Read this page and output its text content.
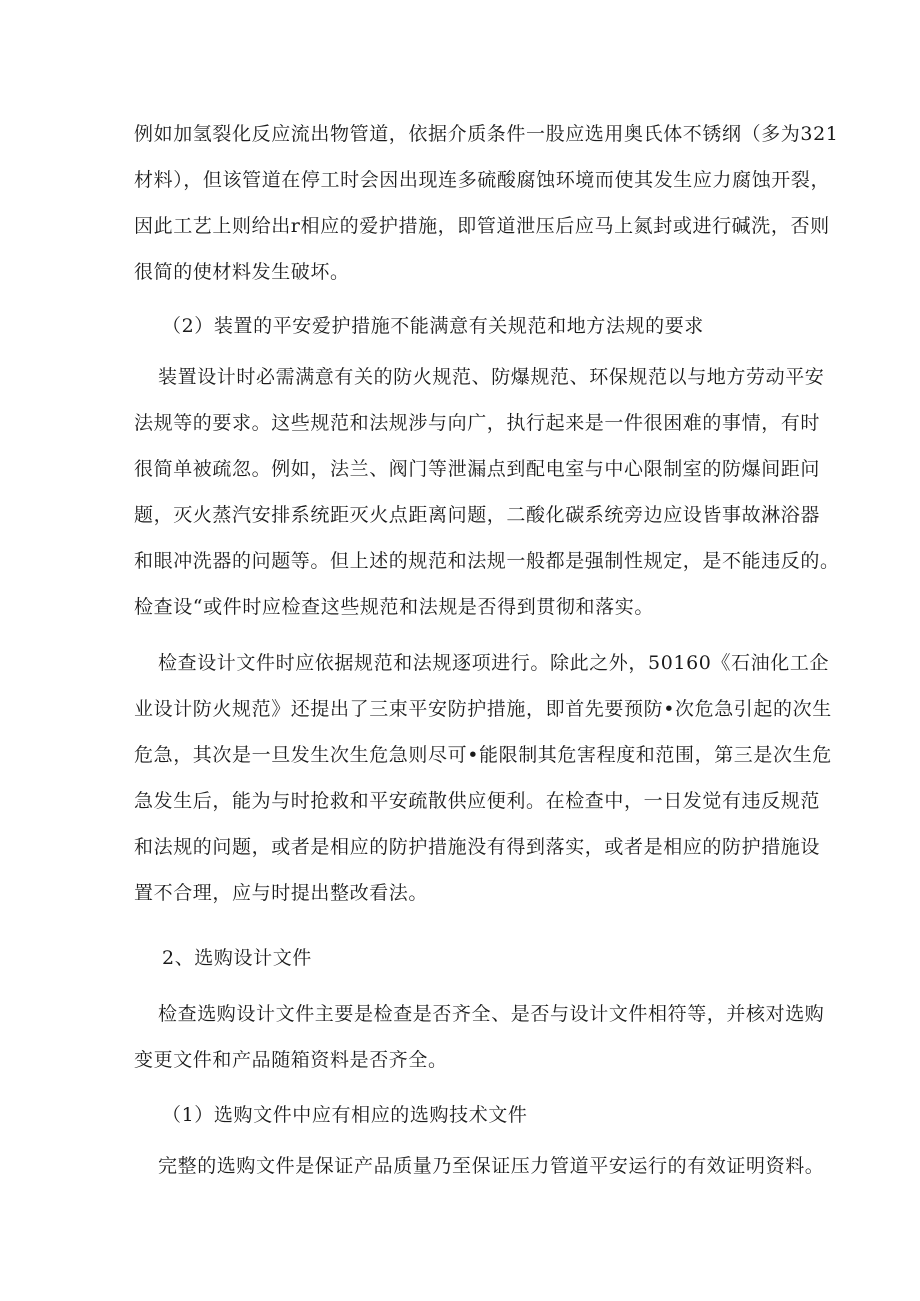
例如加氢裂化反应流出物管道，依据介质条件一股应选用奥氏体不锈纲（多为321
材料），但该管道在停工时会因出现连多硫酸腐蚀环境而使其发生应力腐蚀开裂，
因此工艺上则给出r相应的爱护措施，即管道泄压后应马上氮封或进行碱洗，否则
很简的使材料发生破坏。
（2）装置的平安爱护措施不能满意有关规范和地方法规的要求
装置设计时必需满意有关的防火规范、防爆规范、环保规范以与地方劳动平安
法规等的要求。这些规范和法规涉与向广，执行起来是一件很困难的事情，有时
很简单被疏忽。例如，法兰、阀门等泄漏点到配电室与中心限制室的防爆间距问
题，灭火蒸汽安排系统距灭火点距离问题，二酸化碳系统旁边应设皆事故淋浴器
和眼冲洗器的问题等。但上述的规范和法规一般都是强制性规定，是不能违反的。
检查设“或件时应检查这些规范和法规是否得到贯彻和落实。
检查设计文件时应依据规范和法规逐项进行。除此之外，50160《石油化工企
业设计防火规范》还提出了三束平安防护措施，即首先要预防•次危急引起的次生
危急，其次是一旦发生次生危急则尽可•能限制其危害程度和范围，第三是次生危
急发生后，能为与时抢救和平安疏散供应便利。在检查中，一日发觉有违反规范
和法规的问题，或者是相应的防护措施没有得到落实，或者是相应的防护措施设
置不合理，应与时提出整改看法。
2、选购设计文件
检查选购设计文件主要是检查是否齐全、是否与设计文件相符等，并核对选购
变更文件和产品随箱资料是否齐全。
（1）选购文件中应有相应的选购技术文件
完整的选购文件是保证产品质量乃至保证压力管道平安运行的有效证明资料。
